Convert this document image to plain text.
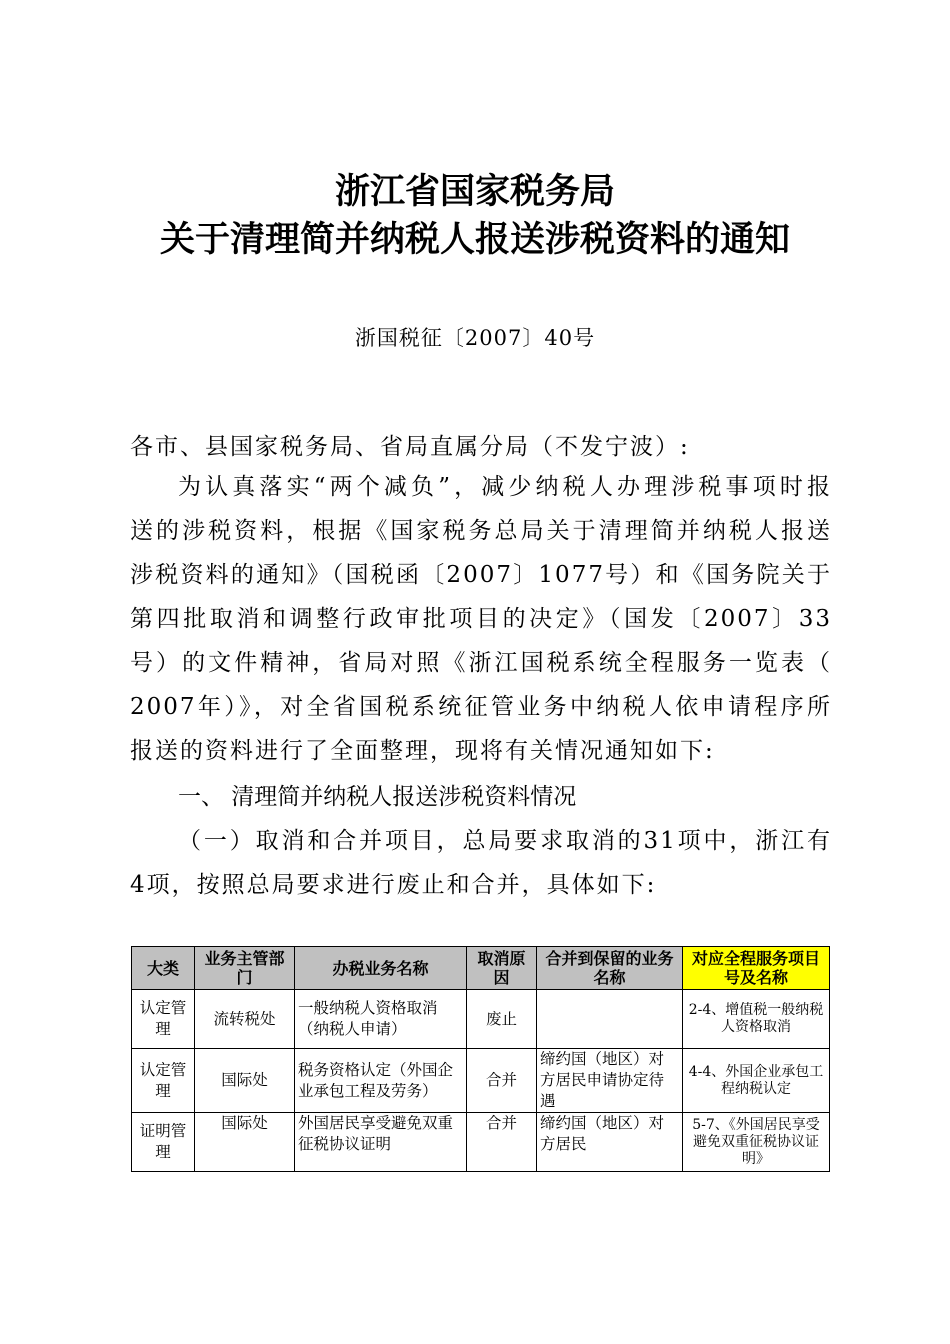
浙江省国家税务局
关于清理简并纳税人报送涉税资料的通知
浙国税征〔2007〕40号
各市、县国家税务局、省局直属分局（不发宁波）:
为认真落实“两个减负”，减少纳税人办理涉税事项时报
送的涉税资料，根据《国家税务总局关于清理简并纳税人报送
涉税资料的通知》（国税函〔2007〕1077号）和《国务院关于
第四批取消和调整行政审批项目的决定》（国发〔2007〕33
号）的文件精神，省局对照《浙江国税系统全程服务一览表（
2007年）》，对全省国税系统征管业务中纳税人依申请程序所
报送的资料进行了全面整理，现将有关情况通知如下:
一、 清理简并纳税人报送涉税资料情况
（一）取消和合并项目，总局要求取消的31项中，浙江有
4项，按照总局要求进行废止和合并，具体如下:
大类	业务主管部门	办税业务名称	取消原因	合并到保留的业务名称	对应全程服务项目号及名称
认定管理	流转税处	一般纳税人资格取消（纳税人申请）	废止		2-4、增值税一般纳税人资格取消
认定管理	国际处	税务资格认定（外国企业承包工程及劳务）	合并	缔约国（地区）对方居民申请协定待遇	4-4、外国企业承包工程纳税认定
证明管理	国际处	外国居民享受避免双重征税协议证明	合并	缔约国（地区）对方居民	5-7、《外国居民享受避免双重征税协议证明》
